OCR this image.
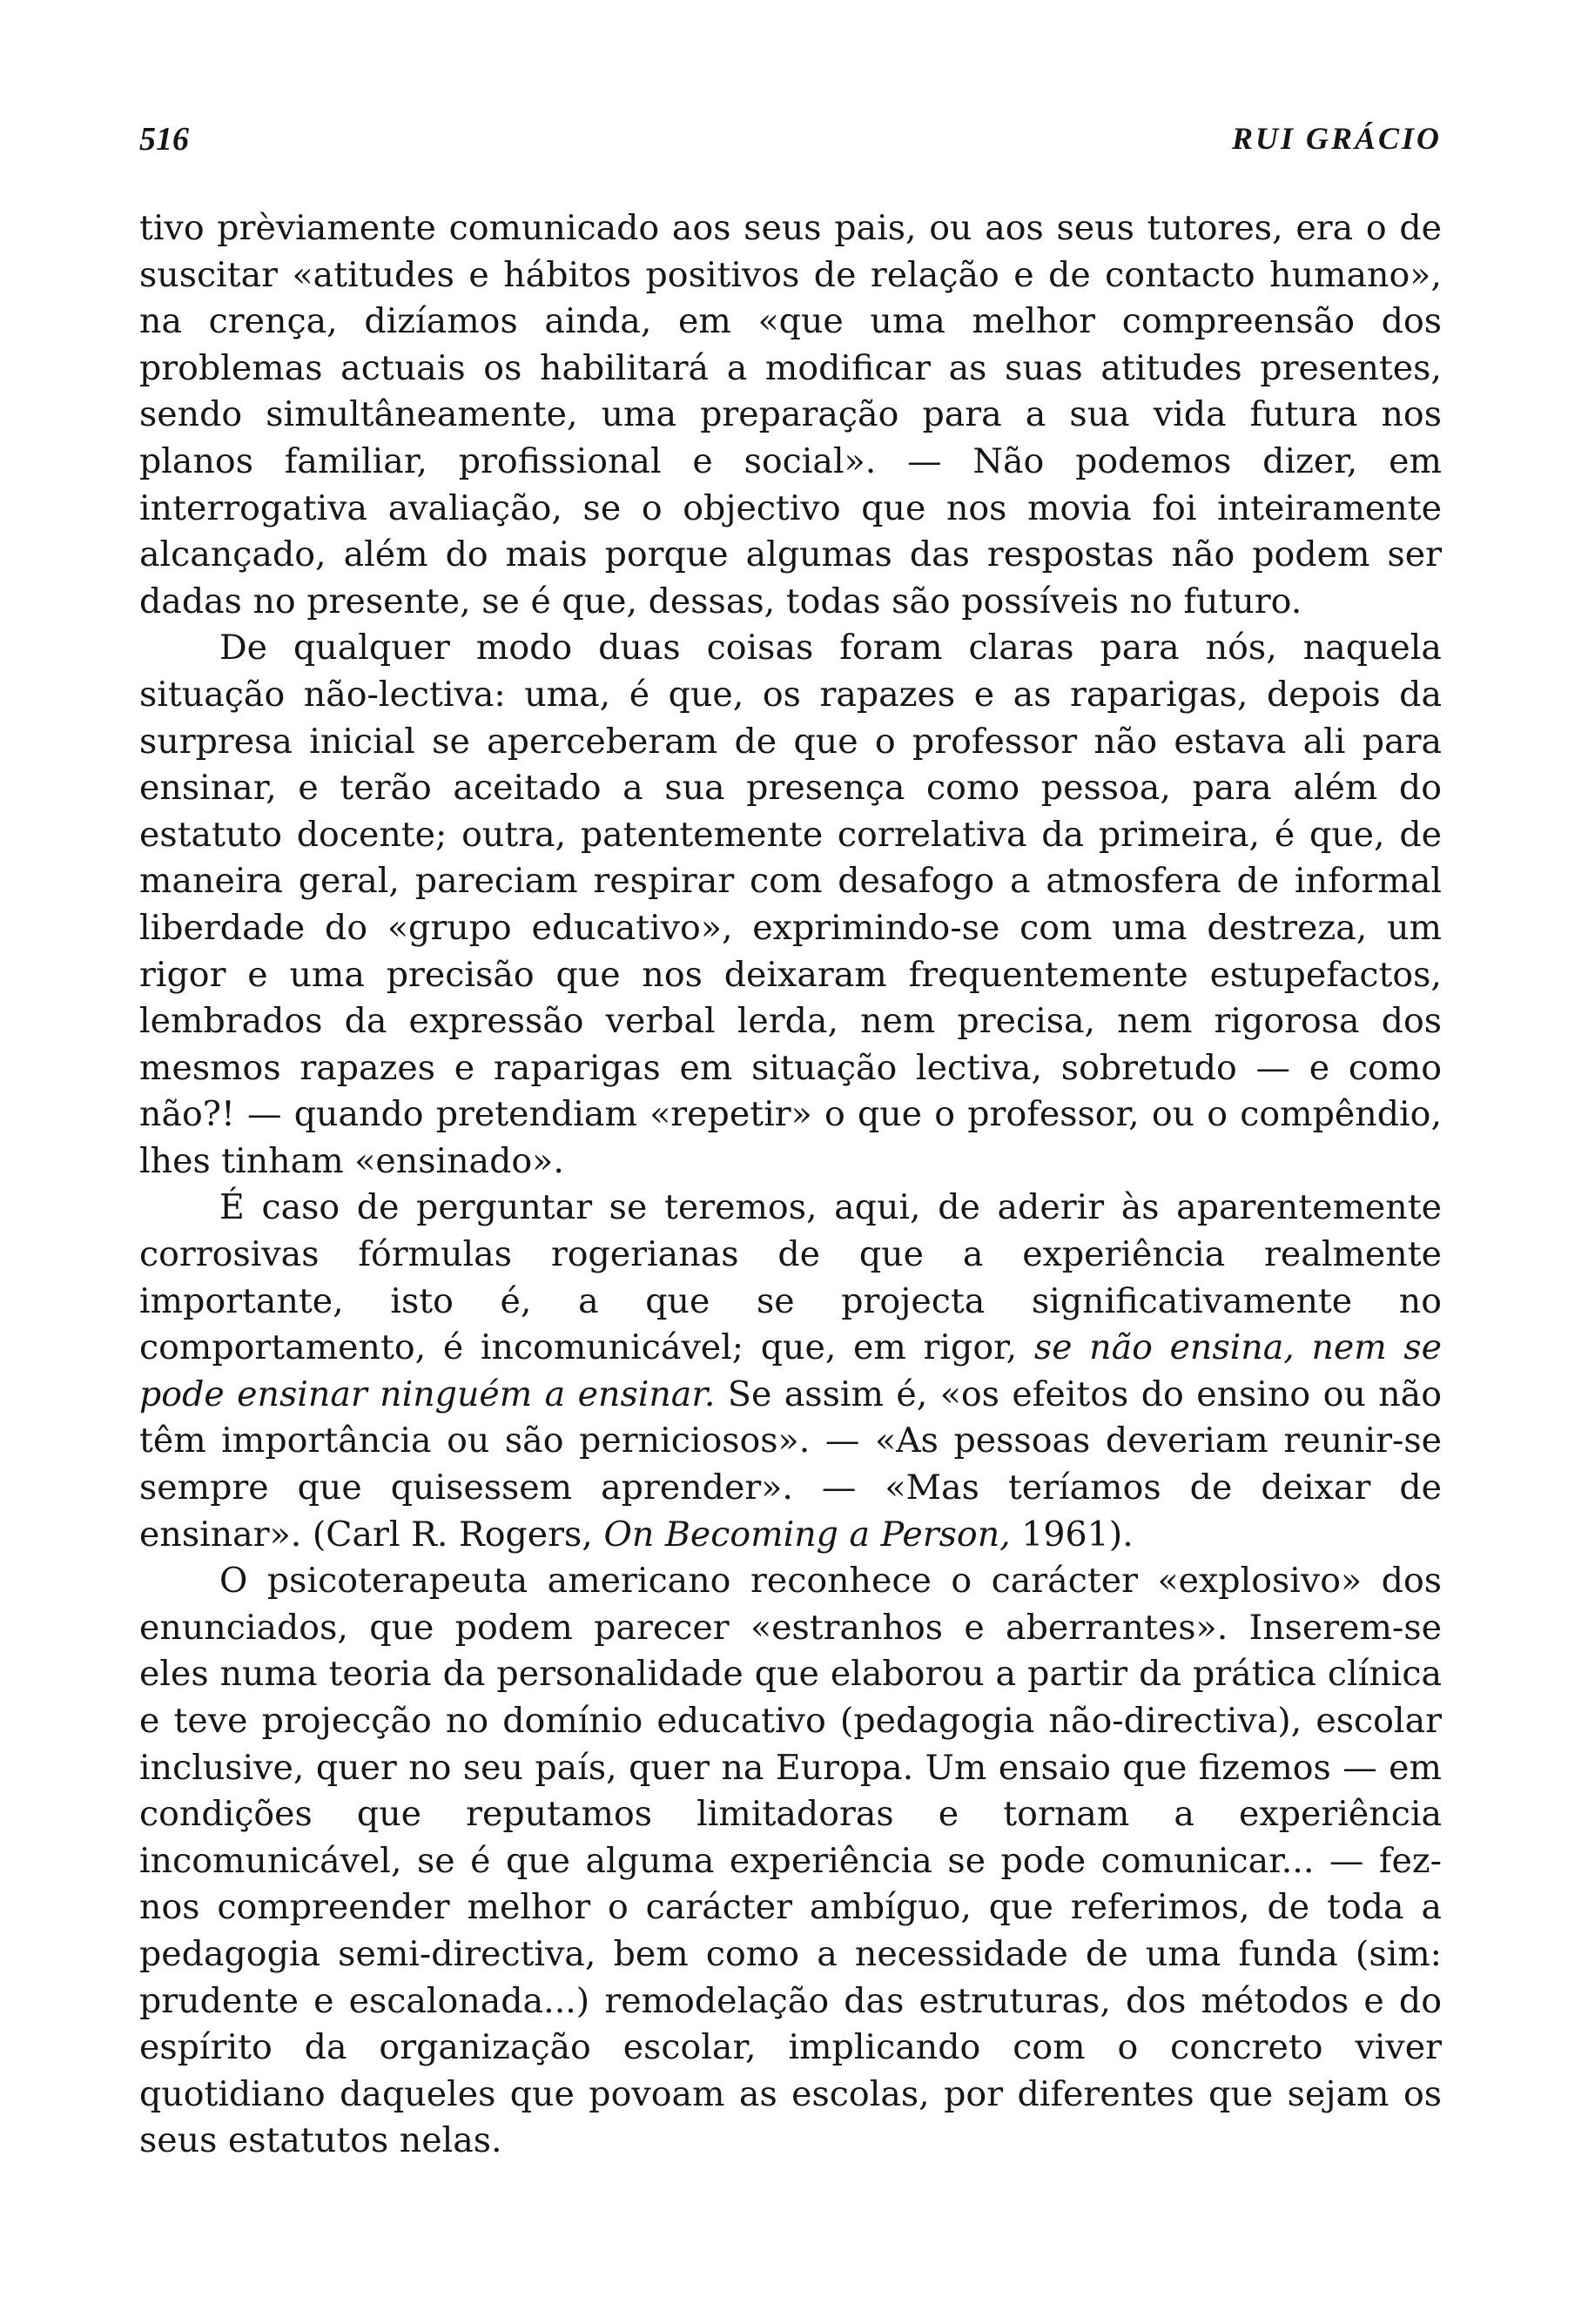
516	RUI GRÁCIO

tivo prèviamente comunicado aos seus pais, ou aos seus tutores, era o de suscitar «atitudes e hábitos positivos de relação e de contacto humano», na crença, dizíamos ainda, em «que uma melhor compreensão dos problemas actuais os habilitará a modificar as suas atitudes presentes, sendo simultâneamente, uma preparação para a sua vida futura nos planos familiar, profissional e social». — Não podemos dizer, em interrogativa avaliação, se o objectivo que nos movia foi inteiramente alcançado, além do mais porque algumas das respostas não podem ser dadas no presente, se é que, dessas, todas são possíveis no futuro.

De qualquer modo duas coisas foram claras para nós, naquela situação não-lectiva: uma, é que, os rapazes e as raparigas, depois da surpresa inicial se aperceberam de que o professor não estava ali para ensinar, e terão aceitado a sua presença como pessoa, para além do estatuto docente; outra, patentemente correlativa da primeira, é que, de maneira geral, pareciam respirar com desafogo a atmosfera de informal liberdade do «grupo educativo», exprimindo-se com uma destreza, um rigor e uma precisão que nos deixaram frequentemente estupefactos, lembrados da expressão verbal lerda, nem precisa, nem rigorosa dos mesmos rapazes e raparigas em situação lectiva, sobretudo — e como não?! — quando pretendiam «repetir» o que o professor, ou o compêndio, lhes tinham «ensinado».

É caso de perguntar se teremos, aqui, de aderir às aparentemente corrosivas fórmulas rogerianas de que a experiência realmente importante, isto é, a que se projecta significativamente no comportamento, é incomunicável; que, em rigor, se não ensina, nem se pode ensinar ninguém a ensinar. Se assim é, «os efeitos do ensino ou não têm importância ou são perniciosos». — «As pessoas deveriam reunir-se sempre que quisessem aprender». — «Mas teríamos de deixar de ensinar». (Carl R. Rogers, On Becoming a Person, 1961).

O psicoterapeuta americano reconhece o carácter «explosivo» dos enunciados, que podem parecer «estranhos e aberrantes». Inserem-se eles numa teoria da personalidade que elaborou a partir da prática clínica e teve projecção no domínio educativo (pedagogia não-directiva), escolar inclusive, quer no seu país, quer na Europa. Um ensaio que fizemos — em condições que reputamos limitadoras e tornam a experiência incomunicável, se é que alguma experiência se pode comunicar... — fez-nos compreender melhor o carácter ambíguo, que referimos, de toda a pedagogia semi-directiva, bem como a necessidade de uma funda (sim: prudente e escalonada...) remodelação das estruturas, dos métodos e do espírito da organização escolar, implicando com o concreto viver quotidiano daqueles que povoam as escolas, por diferentes que sejam os seus estatutos nelas.
